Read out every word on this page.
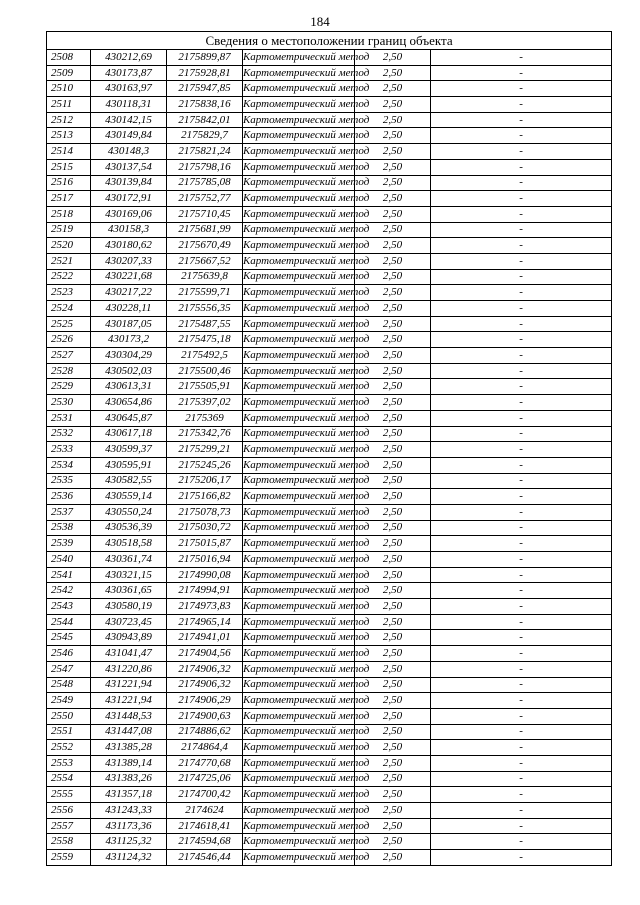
184
Сведения о местоположении границ объекта					
2508	430212,69	2175899,87	Картометрический метод	2,50	-
2509	430173,87	2175928,81	Картометрический метод	2,50	-
2510	430163,97	2175947,85	Картометрический метод	2,50	-
2511	430118,31	2175838,16	Картометрический метод	2,50	-
2512	430142,15	2175842,01	Картометрический метод	2,50	-
2513	430149,84	2175829,7	Картометрический метод	2,50	-
2514	430148,3	2175821,24	Картометрический метод	2,50	-
2515	430137,54	2175798,16	Картометрический метод	2,50	-
2516	430139,84	2175785,08	Картометрический метод	2,50	-
2517	430172,91	2175752,77	Картометрический метод	2,50	-
2518	430169,06	2175710,45	Картометрический метод	2,50	-
2519	430158,3	2175681,99	Картометрический метод	2,50	-
2520	430180,62	2175670,49	Картометрический метод	2,50	-
2521	430207,33	2175667,52	Картометрический метод	2,50	-
2522	430221,68	2175639,8	Картометрический метод	2,50	-
2523	430217,22	2175599,71	Картометрический метод	2,50	-
2524	430228,11	2175556,35	Картометрический метод	2,50	-
2525	430187,05	2175487,55	Картометрический метод	2,50	-
2526	430173,2	2175475,18	Картометрический метод	2,50	-
2527	430304,29	2175492,5	Картометрический метод	2,50	-
2528	430502,03	2175500,46	Картометрический метод	2,50	-
2529	430613,31	2175505,91	Картометрический метод	2,50	-
2530	430654,86	2175397,02	Картометрический метод	2,50	-
2531	430645,87	2175369	Картометрический метод	2,50	-
2532	430617,18	2175342,76	Картометрический метод	2,50	-
2533	430599,37	2175299,21	Картометрический метод	2,50	-
2534	430595,91	2175245,26	Картометрический метод	2,50	-
2535	430582,55	2175206,17	Картометрический метод	2,50	-
2536	430559,14	2175166,82	Картометрический метод	2,50	-
2537	430550,24	2175078,73	Картометрический метод	2,50	-
2538	430536,39	2175030,72	Картометрический метод	2,50	-
2539	430518,58	2175015,87	Картометрический метод	2,50	-
2540	430361,74	2175016,94	Картометрический метод	2,50	-
2541	430321,15	2174990,08	Картометрический метод	2,50	-
2542	430361,65	2174994,91	Картометрический метод	2,50	-
2543	430580,19	2174973,83	Картометрический метод	2,50	-
2544	430723,45	2174965,14	Картометрический метод	2,50	-
2545	430943,89	2174941,01	Картометрический метод	2,50	-
2546	431041,47	2174904,56	Картометрический метод	2,50	-
2547	431220,86	2174906,32	Картометрический метод	2,50	-
2548	431221,94	2174906,32	Картометрический метод	2,50	-
2549	431221,94	2174906,29	Картометрический метод	2,50	-
2550	431448,53	2174900,63	Картометрический метод	2,50	-
2551	431447,08	2174886,62	Картометрический метод	2,50	-
2552	431385,28	2174864,4	Картометрический метод	2,50	-
2553	431389,14	2174770,68	Картометрический метод	2,50	-
2554	431383,26	2174725,06	Картометрический метод	2,50	-
2555	431357,18	2174700,42	Картометрический метод	2,50	-
2556	431243,33	2174624	Картометрический метод	2,50	-
2557	431173,36	2174618,41	Картометрический метод	2,50	-
2558	431125,32	2174594,68	Картометрический метод	2,50	-
2559	431124,32	2174546,44	Картометрический метод	2,50	-
